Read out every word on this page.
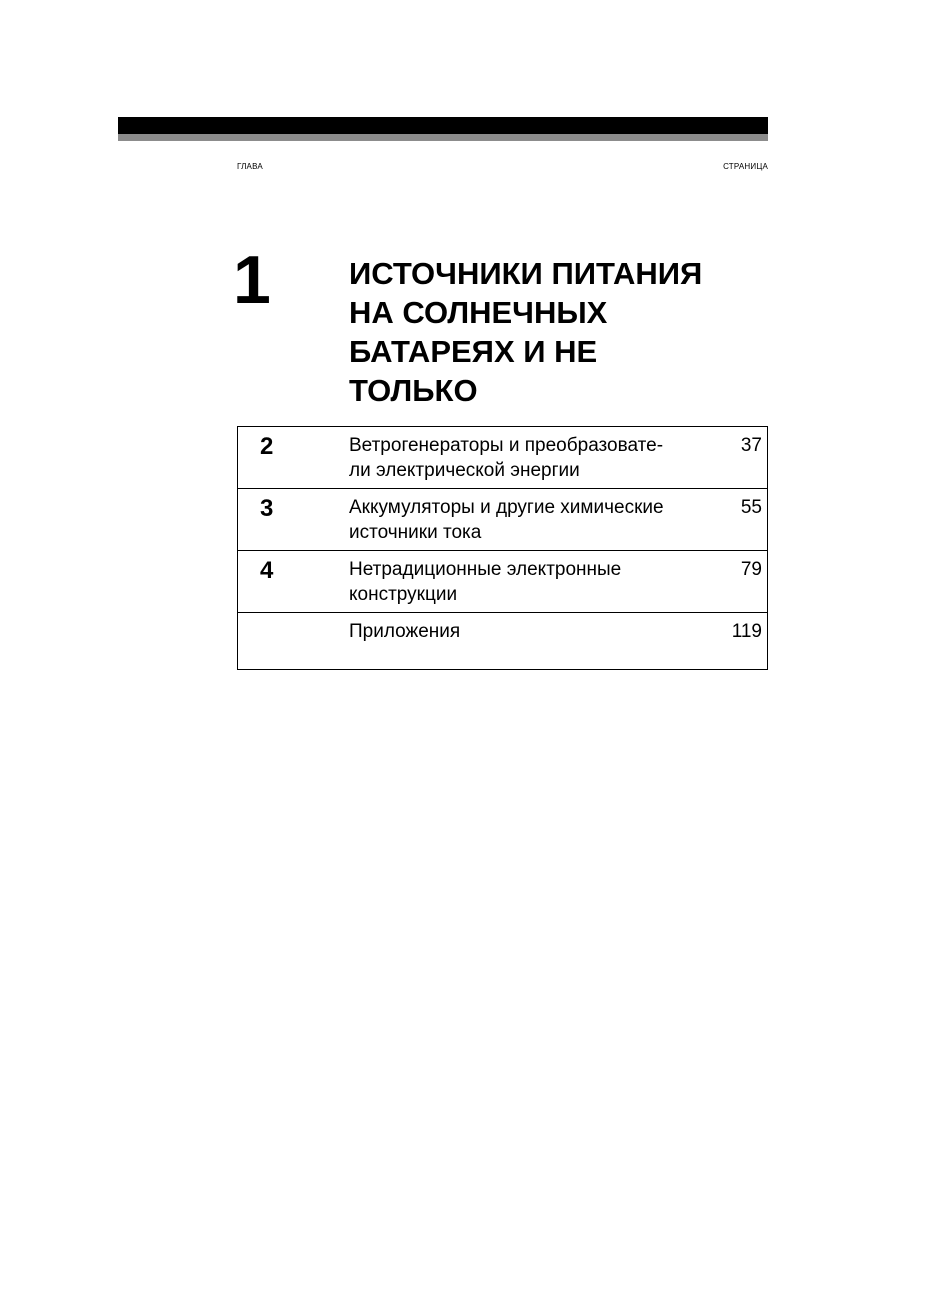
ГЛАВА	СТРАНИЦА
1	ИСТОЧНИКИ ПИТАНИЯ
НА СОЛНЕЧНЫХ
БАТАРЕЯХ И НЕ
ТОЛЬКО
2	Ветрогенераторы и преобразовате-
ли электрической энергии
37
3	Аккумуляторы и другие химические
источники тока
55
4	Нетрадиционные электронные
конструкции
79
Приложения	119
